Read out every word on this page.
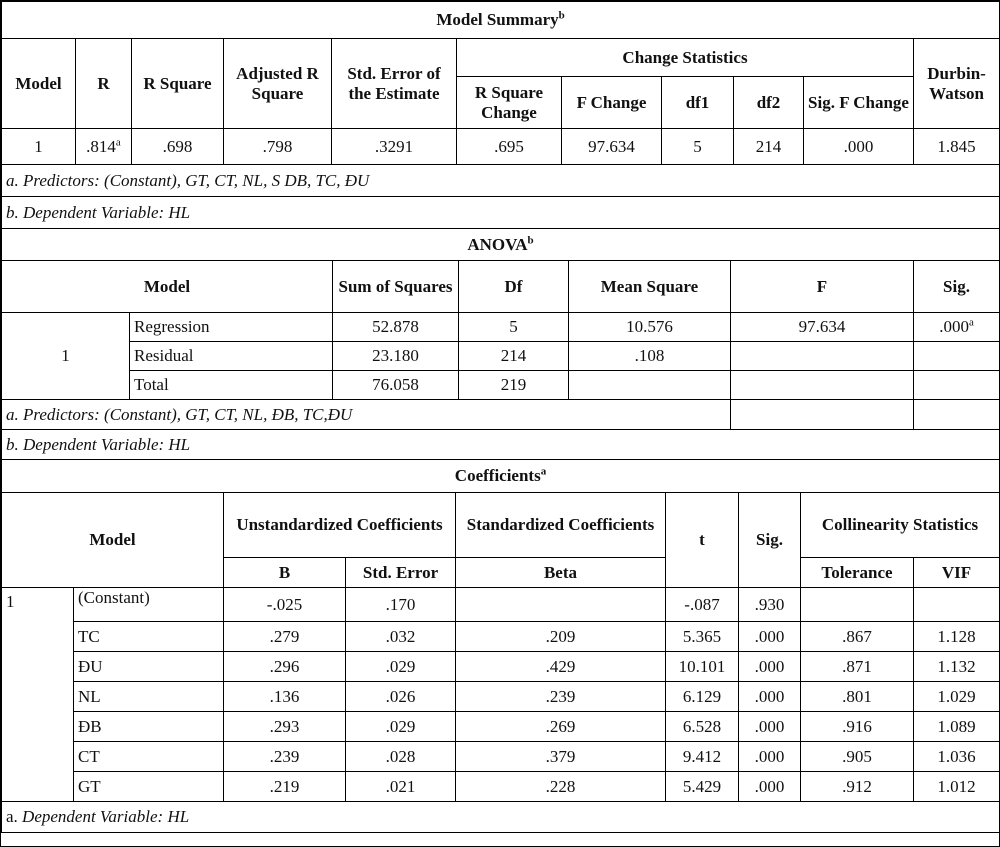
Model Summary$^b$
Model	R	R Square	Adjusted R Square	Std. Error of the Estimate	Change Statistics					Durbin-Watson
					R Square Change	F Change	df1	df2	Sig. F Change	
1	.814$^a$	.698	.798	.3291	.695	97.634	5	214	.000	1.845
a. Predictors: (Constant), GT, CT, NL, S DB, TC, ĐU										
b. Dependent Variable: HL										
ANOVA$^b$
Model		Sum of Squares	Df	Mean Square	F	Sig.
1	Regression	52.878	5	10.576	97.634	.000$^a$
	Residual	23.180	214	.108		
	Total	76.058	219			
a. Predictors: (Constant), GT, CT, NL, ĐB, TC,ĐU						
b. Dependent Variable: HL						
Coefficients$^a$
Model		Unstandardized Coefficients		Standardized Coefficients	t	Sig.	Collinearity Statistics	
		B	Std. Error	Beta			Tolerance	VIF
1	(Constant)	-.025	.170		-.087	.930		
	TC	.279	.032	.209	5.365	.000	.867	1.128
	ĐU	.296	.029	.429	10.101	.000	.871	1.132
	NL	.136	.026	.239	6.129	.000	.801	1.029
	ĐB	.293	.029	.269	6.528	.000	.916	1.089
	CT	.239	.028	.379	9.412	.000	.905	1.036
	GT	.219	.021	.228	5.429	.000	.912	1.012
a. Dependent Variable: HL								
